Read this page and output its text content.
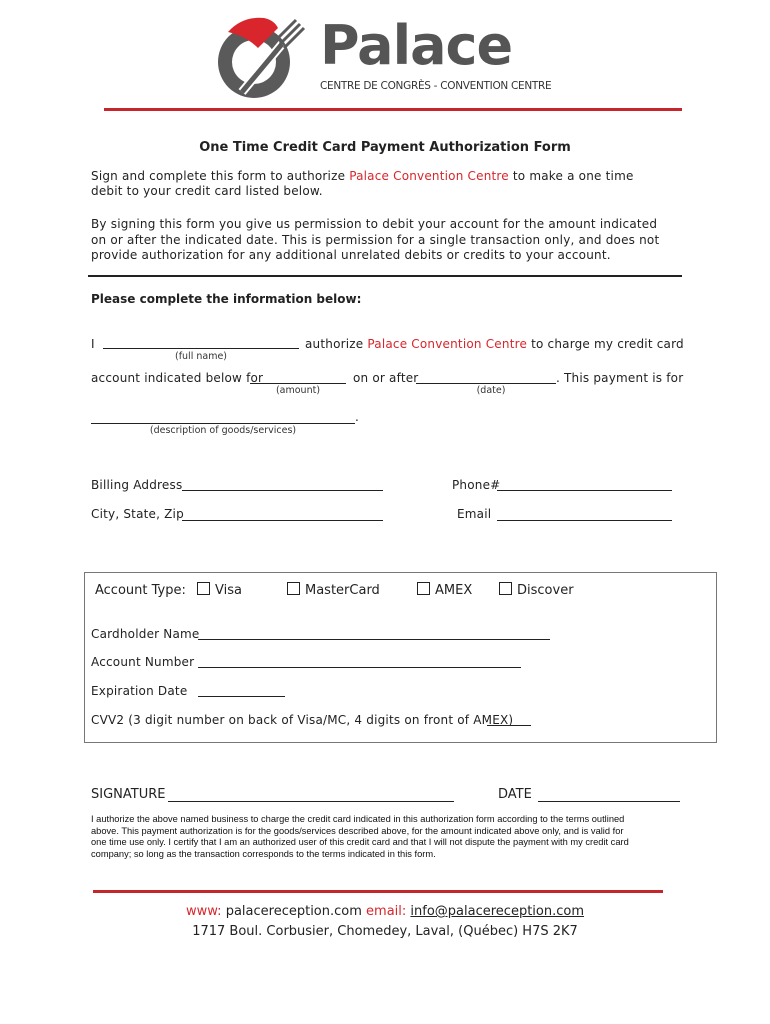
Palace
CENTRE DE CONGRÈS - CONVENTION CENTRE
One Time Credit Card Payment Authorization Form
Sign and complete this form to authorize Palace Convention Centre to make a one time
debit to your credit card listed below.
By signing this form you give us permission to debit your account for the amount indicated
on or after the indicated date. This is permission for a single transaction only, and does not
provide authorization for any additional unrelated debits or credits to your account.
Please complete the information below:
I
(full name)
authorize Palace Convention Centre to charge my credit card
account indicated below for
(amount)
on or after
(date)
. This payment is for
.
(description of goods/services)
Billing Address	Phone#
City, State, Zip	Email
Account Type:	Visa	MasterCard	AMEX	Discover
Cardholder Name
Account Number
Expiration Date
CVV2 (3 digit number on back of Visa/MC, 4 digits on front of AMEX)
SIGNATURE	DATE
I authorize the above named business to charge the credit card indicated in this authorization form according to the terms outlined
above. This payment authorization is for the goods/services described above, for the amount indicated above only, and is valid for
one time use only. I certify that I am an authorized user of this credit card and that I will not dispute the payment with my credit card
company; so long as the transaction corresponds to the terms indicated in this form.
www: palacereception.com email: info@palacereception.com
1717 Boul. Corbusier, Chomedey, Laval, (Québec) H7S 2K7
